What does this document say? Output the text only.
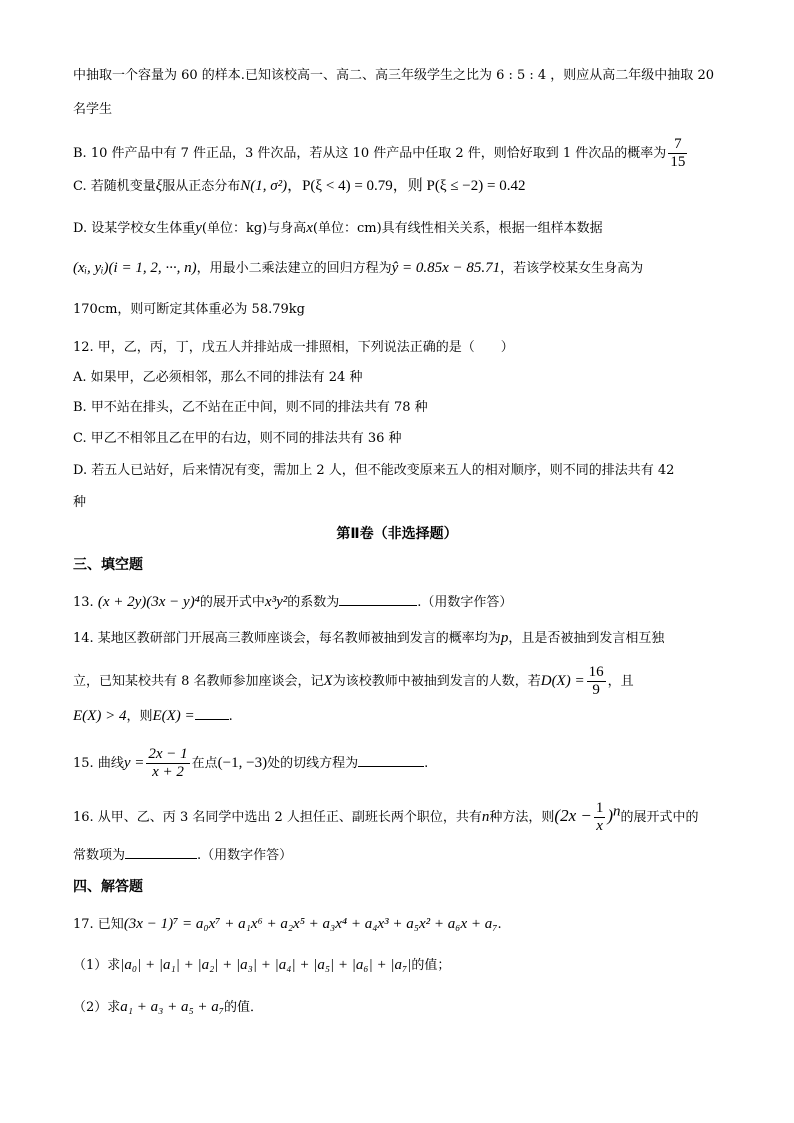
中抽取一个容量为 60 的样本.已知该校高一、高二、高三年级学生之比为 6 : 5 : 4 ，则应从高二年级中抽取 20
名学生
B. 10 件产品中有 7 件正品，3 件次品，若从这 10 件产品中任取 2 件，则恰好取到 1 件次品的概率为 $\frac{7}{15}$
C. 若随机变量ξ服从正态分布N(1, σ²)，P(ξ < 4) = 0.79，则 P(ξ ≤ −2) = 0.42
D. 设某学校女生体重y(单位：kg)与身高x(单位：cm)具有线性相关关系，根据一组样本数据
(xᵢ, yᵢ)(i = 1, 2, ···, n)，用最小二乘法建立的回归方程为ŷ = 0.85x − 85.71，若该学校某女生身高为
170cm，则可断定其体重必为 58.79kg
12. 甲，乙，丙，丁，戊五人并排站成一排照相，下列说法正确的是（　　）
A. 如果甲，乙必须相邻，那么不同的排法有 24 种
B. 甲不站在排头，乙不站在正中间，则不同的排法共有 78 种
C. 甲乙不相邻且乙在甲的右边，则不同的排法共有 36 种
D. 若五人已站好，后来情况有变，需加上 2 人，但不能改变原来五人的相对顺序，则不同的排法共有 42
种
第Ⅱ卷（非选择题）
三、填空题
13. (x + 2y)(3x − y)⁴的展开式中x³y²的系数为	.（用数字作答）
14. 某地区教研部门开展高三教师座谈会，每名教师被抽到发言的概率均为p，且是否被抽到发言相互独
立，已知某校共有 8 名教师参加座谈会，记X为该校教师中被抽到发言的人数，若$D(X) = \frac{16}{9}$ ，且
E(X) > 4，则E(X) =	.
15. 曲线$y = \frac{2x - 1}{x + 2}$ 在点(−1, −3)处的切线方程为	.
16. 从甲、乙、丙 3 名同学中选出 2 人担任正、副班长两个职位，共有n种方法，则$(2x - \frac{1}{x} )^n$的展开式中的
常数项为	.（用数字作答）
四、解答题
17. 已知(3x − 1)⁷ = a₀x⁷ + a₁x⁶ + a₂x⁵ + a₃x⁴ + a₄x³ + a₅x² + a₆x + a₇.
（1）求|a₀| + |a₁| + |a₂| + |a₃| + |a₄| + |a₅| + |a₆| + |a₇|的值；
（2）求a₁ + a₃ + a₅ + a₇的值．
